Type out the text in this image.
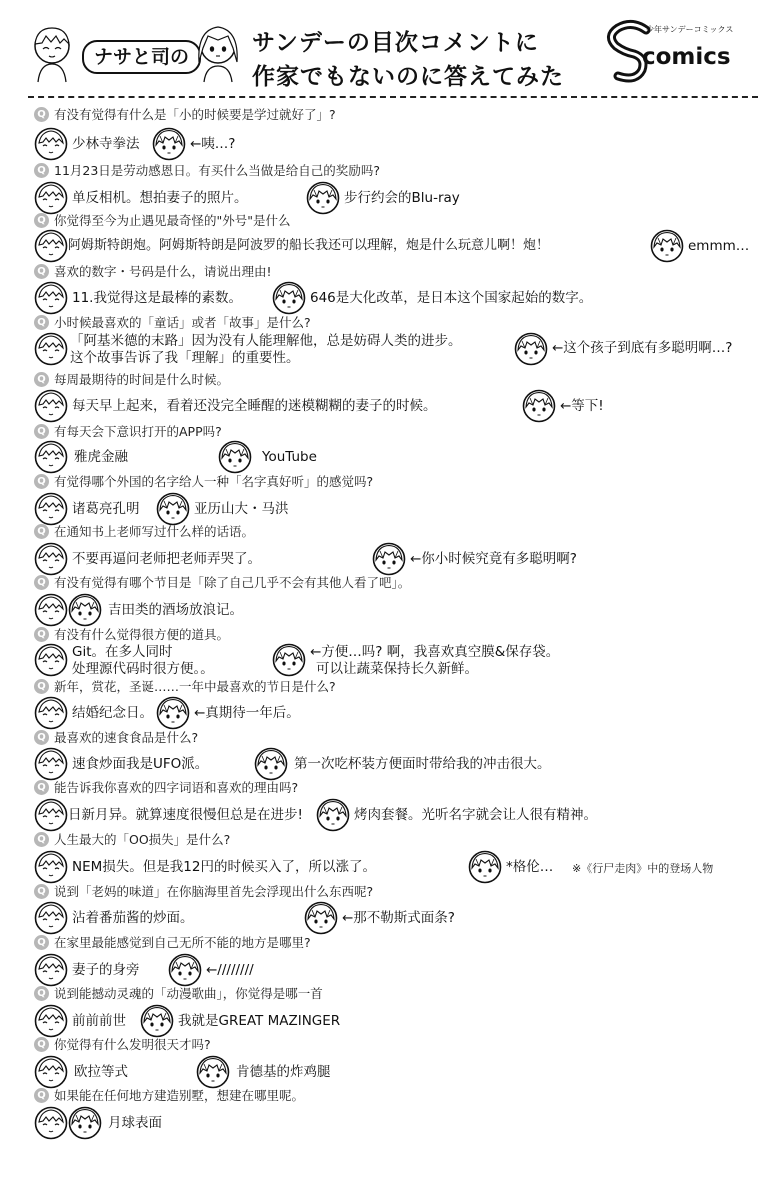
ナサと司の
サンデーの目次コメントに
作家でもないのに答えてみた
少年サンデーコミックス
comics
Q 有没有觉得有什么是「小的时候要是学过就好了」?
少林寺拳法	←咦…?
Q 11月23日是劳动感恩日。有买什么当做是给自己的奖励吗?
单反相机。想拍妻子的照片。	步行约会的Blu-ray
Q 你觉得至今为止遇见最奇怪的"外号"是什么
阿姆斯特朗炮。阿姆斯特朗是阿波罗的船长我还可以理解，炮是什么玩意儿啊！炮！	emmm…
Q 喜欢的数字・号码是什么，请说出理由!
11.我觉得这是最棒的素数。	646是大化改革，是日本这个国家起始的数字。
Q 小时候最喜欢的「童话」或者「故事」是什么?
「阿基米德的末路」因为没有人能理解他，总是妨碍人类的进步。
这个故事告诉了我「理解」的重要性。
←这个孩子到底有多聪明啊…?
Q 每周最期待的时间是什么时候。
每天早上起来，看着还没完全睡醒的迷模糊糊的妻子的时候。	←等下!
Q 有每天会下意识打开的APP吗?
雅虎金融	YouTube
Q 有觉得哪个外国的名字给人一种「名字真好听」的感觉吗?
诸葛亮孔明	亚历山大・马洪
Q 在通知书上老师写过什么样的话语。
不要再逼问老师把老师弄哭了。	←你小时候究竟有多聪明啊?
Q 有没有觉得有哪个节目是「除了自己几乎不会有其他人看了吧」。
吉田类的酒场放浪记。
Q 有没有什么觉得很方便的道具。
Git。在多人同时
处理源代码时很方便。。
←方便…吗? 啊，我喜欢真空膜&保存袋。
可以让蔬菜保持长久新鲜。
Q 新年，赏花，圣诞……一年中最喜欢的节日是什么?
结婚纪念日。	←真期待一年后。
Q 最喜欢的速食食品是什么?
速食炒面我是UFO派。	第一次吃杯装方便面时带给我的冲击很大。
Q 能告诉我你喜欢的四字词语和喜欢的理由吗?
日新月异。就算速度很慢但总是在进步!	烤肉套餐。光听名字就会让人很有精神。
Q 人生最大的「OO损失」是什么?
NEM损失。但是我12円的时候买入了，所以涨了。	*格伦… ※《行尸走肉》中的登场人物
Q 说到「老妈的味道」在你脑海里首先会浮现出什么东西呢?
沾着番茄酱的炒面。	←那不勒斯式面条?
Q 在家里最能感觉到自己无所不能的地方是哪里?
妻子的身旁	←////////
Q 说到能撼动灵魂的「动漫歌曲」，你觉得是哪一首
前前前世	我就是GREAT MAZINGER
Q 你觉得有什么发明很天才吗?
欧拉等式	肯德基的炸鸡腿
Q 如果能在任何地方建造别墅，想建在哪里呢。
月球表面
